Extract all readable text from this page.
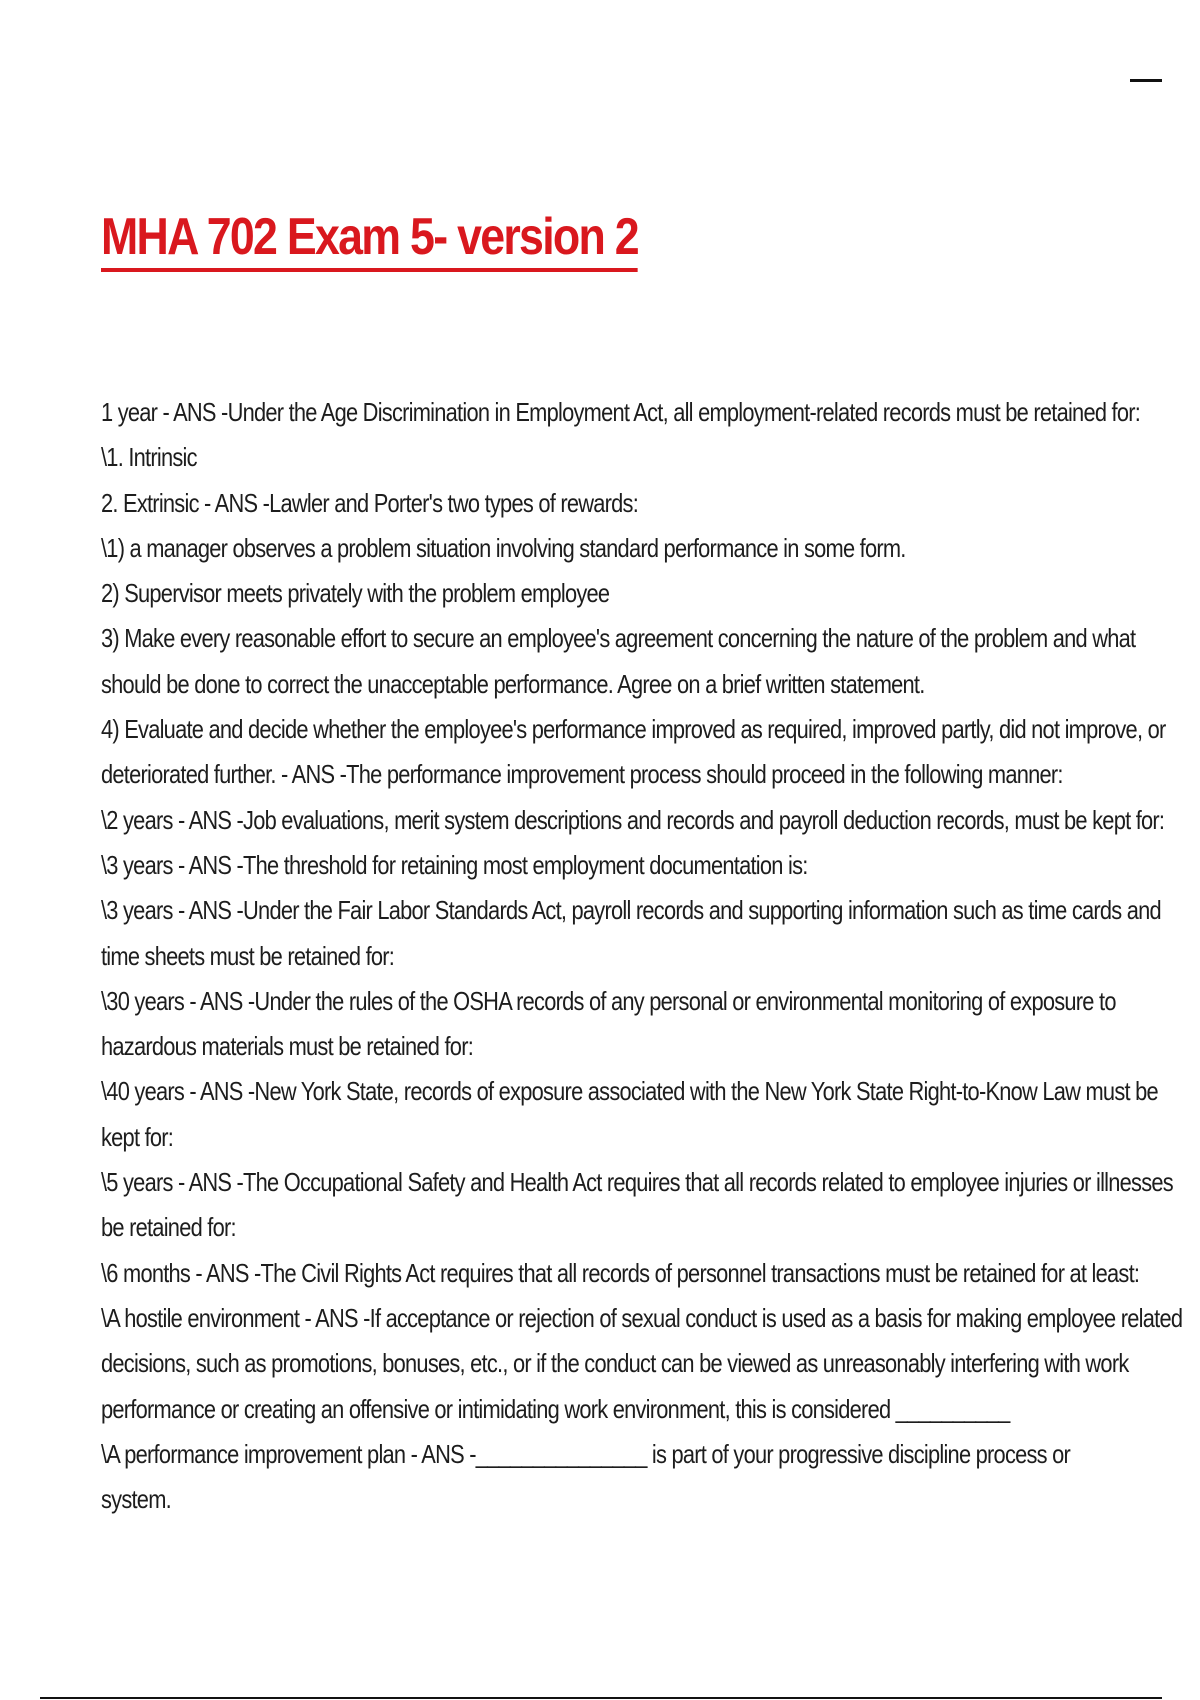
MHA 702 Exam 5- version 2
1 year - ANS -Under the Age Discrimination in Employment Act, all employment-related records must be retained for:
\1. Intrinsic
2. Extrinsic - ANS -Lawler and Porter's two types of rewards:
\1) a manager observes a problem situation involving standard performance in some form.
2) Supervisor meets privately with the problem employee
3) Make every reasonable effort to secure an employee's agreement concerning the nature of the problem and what
should be done to correct the unacceptable performance. Agree on a brief written statement.
4) Evaluate and decide whether the employee's performance improved as required, improved partly, did not improve, or
deteriorated further. - ANS -The performance improvement process should proceed in the following manner:
\2 years - ANS -Job evaluations, merit system descriptions and records and payroll deduction records, must be kept for:
\3 years - ANS -The threshold for retaining most employment documentation is:
\3 years - ANS -Under the Fair Labor Standards Act, payroll records and supporting information such as time cards and
time sheets must be retained for:
\30 years - ANS -Under the rules of the OSHA records of any personal or environmental monitoring of exposure to
hazardous materials must be retained for:
\40 years - ANS -New York State, records of exposure associated with the New York State Right-to-Know Law must be
kept for:
\5 years - ANS -The Occupational Safety and Health Act requires that all records related to employee injuries or illnesses
be retained for:
\6 months - ANS -The Civil Rights Act requires that all records of personnel transactions must be retained for at least:
\A hostile environment - ANS -If acceptance or rejection of sexual conduct is used as a basis for making employee related
decisions, such as promotions, bonuses, etc., or if the conduct can be viewed as unreasonably interfering with work
performance or creating an offensive or intimidating work environment, this is considered __________
\A performance improvement plan - ANS -_______________ is part of your progressive discipline process or
system.
